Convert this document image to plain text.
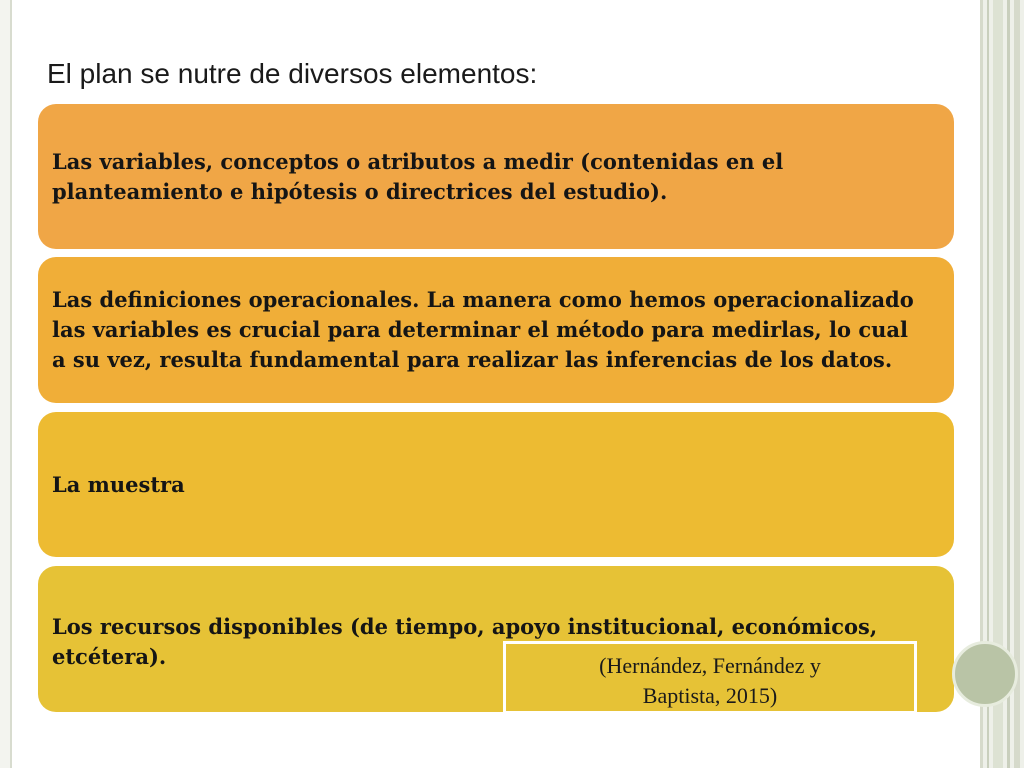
El plan se nutre de diversos elementos:
Las variables, conceptos o atributos a medir (contenidas en el planteamiento e hipótesis o directrices del estudio).
Las definiciones operacionales. La manera como hemos operacionalizado las variables es crucial para determinar el método para medirlas, lo cual a su vez, resulta fundamental para realizar las inferencias de los datos.
La muestra
Los recursos disponibles (de tiempo, apoyo institucional, económicos, etcétera).	(Hernández, Fernández y
Baptista, 2015)
